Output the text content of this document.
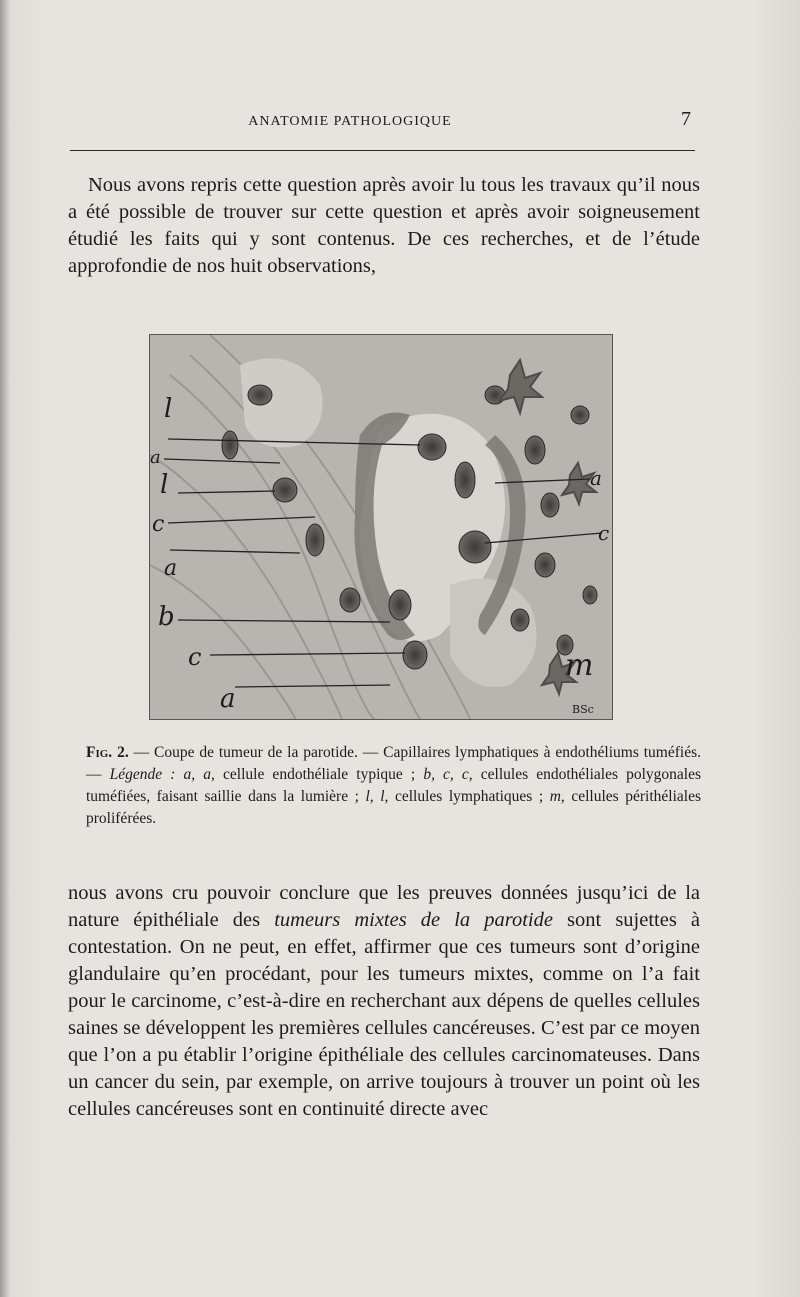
ANATOMIE PATHOLOGIQUE	7

Nous avons repris cette question après avoir lu tous les travaux qu’il nous a été possible de trouver sur cette question et après avoir soigneusement étudié les faits qui y sont contenus. De ces recherches, et de l’étude approfondie de nos huit observations,

l
a
l
c
a
b
c
a
a
c
m
BSc

Fig. 2. — Coupe de tumeur de la parotide. — Capillaires lymphatiques à endothéliums tuméfiés. — Légende : a, a, cellule endothéliale typique ; b, c, c, cellules endothéliales polygonales tuméfiées, faisant saillie dans la lumière ; l, l, cellules lymphatiques ; m, cellules périthéliales proliférées.

nous avons cru pouvoir conclure que les preuves données jusqu’ici de la nature épithéliale des tumeurs mixtes de la parotide sont sujettes à contestation. On ne peut, en effet, affirmer que ces tumeurs sont d’origine glandulaire qu’en procédant, pour les tumeurs mixtes, comme on l’a fait pour le carcinome, c’est-à-dire en recherchant aux dépens de quelles cellules saines se développent les premières cellules cancéreuses. C’est par ce moyen que l’on a pu établir l’origine épithéliale des cellules carcinomateuses. Dans un cancer du sein, par exemple, on arrive toujours à trouver un point où les cellules cancéreuses sont en continuité directe avec
